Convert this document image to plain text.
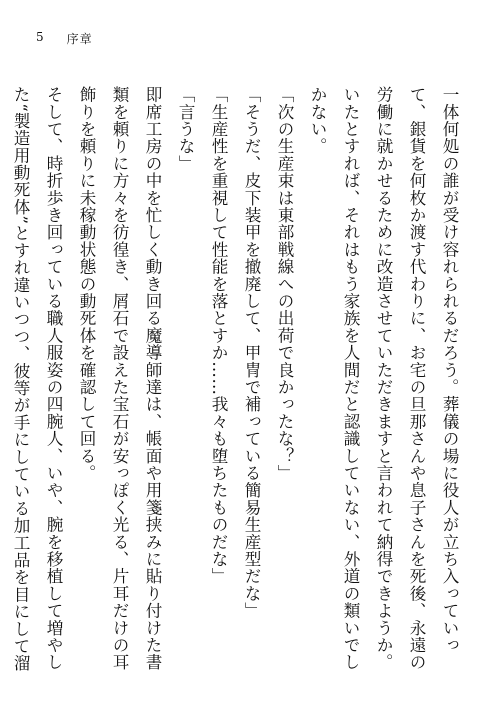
5 序章

一体何処の誰が受け容れられるだろう。葬儀の場に役人が立ち入っていって、銀貨を何枚か渡す代わりに、お宅の旦那さんや息子さんを死後、永遠の労働に就かせるために改造させていただきますと言われて納得できようか。

いたとすれば、それはもう家族を人間だと認識していない、外道の類いでしかない。

「次の生産束は東部戦線への出荷で良かったな？」

「そうだ、皮下装甲を撤廃して、甲冑で補っている簡易生産型だな」

「生産性を重視して性能を落とすか……我々も堕ちたものだな」

「言うな」

即席工房の中を忙しく動き回る魔導師達は、帳面や用箋挟みに貼り付けた書類を頼りに方々を彷徨き、屑石で設えた宝石が安っぽく光る、片耳だけの耳飾りを頼りに未稼動状態の動死体を確認して回る。

そして、時折歩き回っている職人服姿の四腕人、いや、腕を移植して増やした“製造用動死体”とすれ違いつつ、彼等が手にしている加工品を目にして溜
